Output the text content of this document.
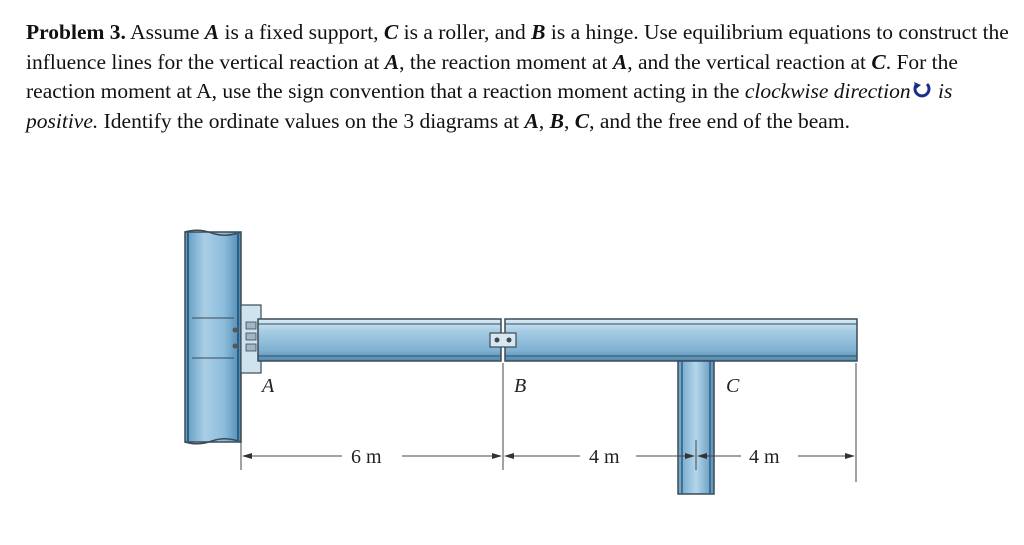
Problem 3. Assume A is a fixed support, C is a roller, and B is a hinge. Use equilibrium equations to construct the influence lines for the vertical reaction at A, the reaction moment at A, and the vertical reaction at C. For the reaction moment at A, use the sign convention that a reaction moment acting in the clockwise direction is positive. Identify the ordinate values on the 3 diagrams at A, B, C, and the free end of the beam.
A	B	C
6 m	4 m	4 m
